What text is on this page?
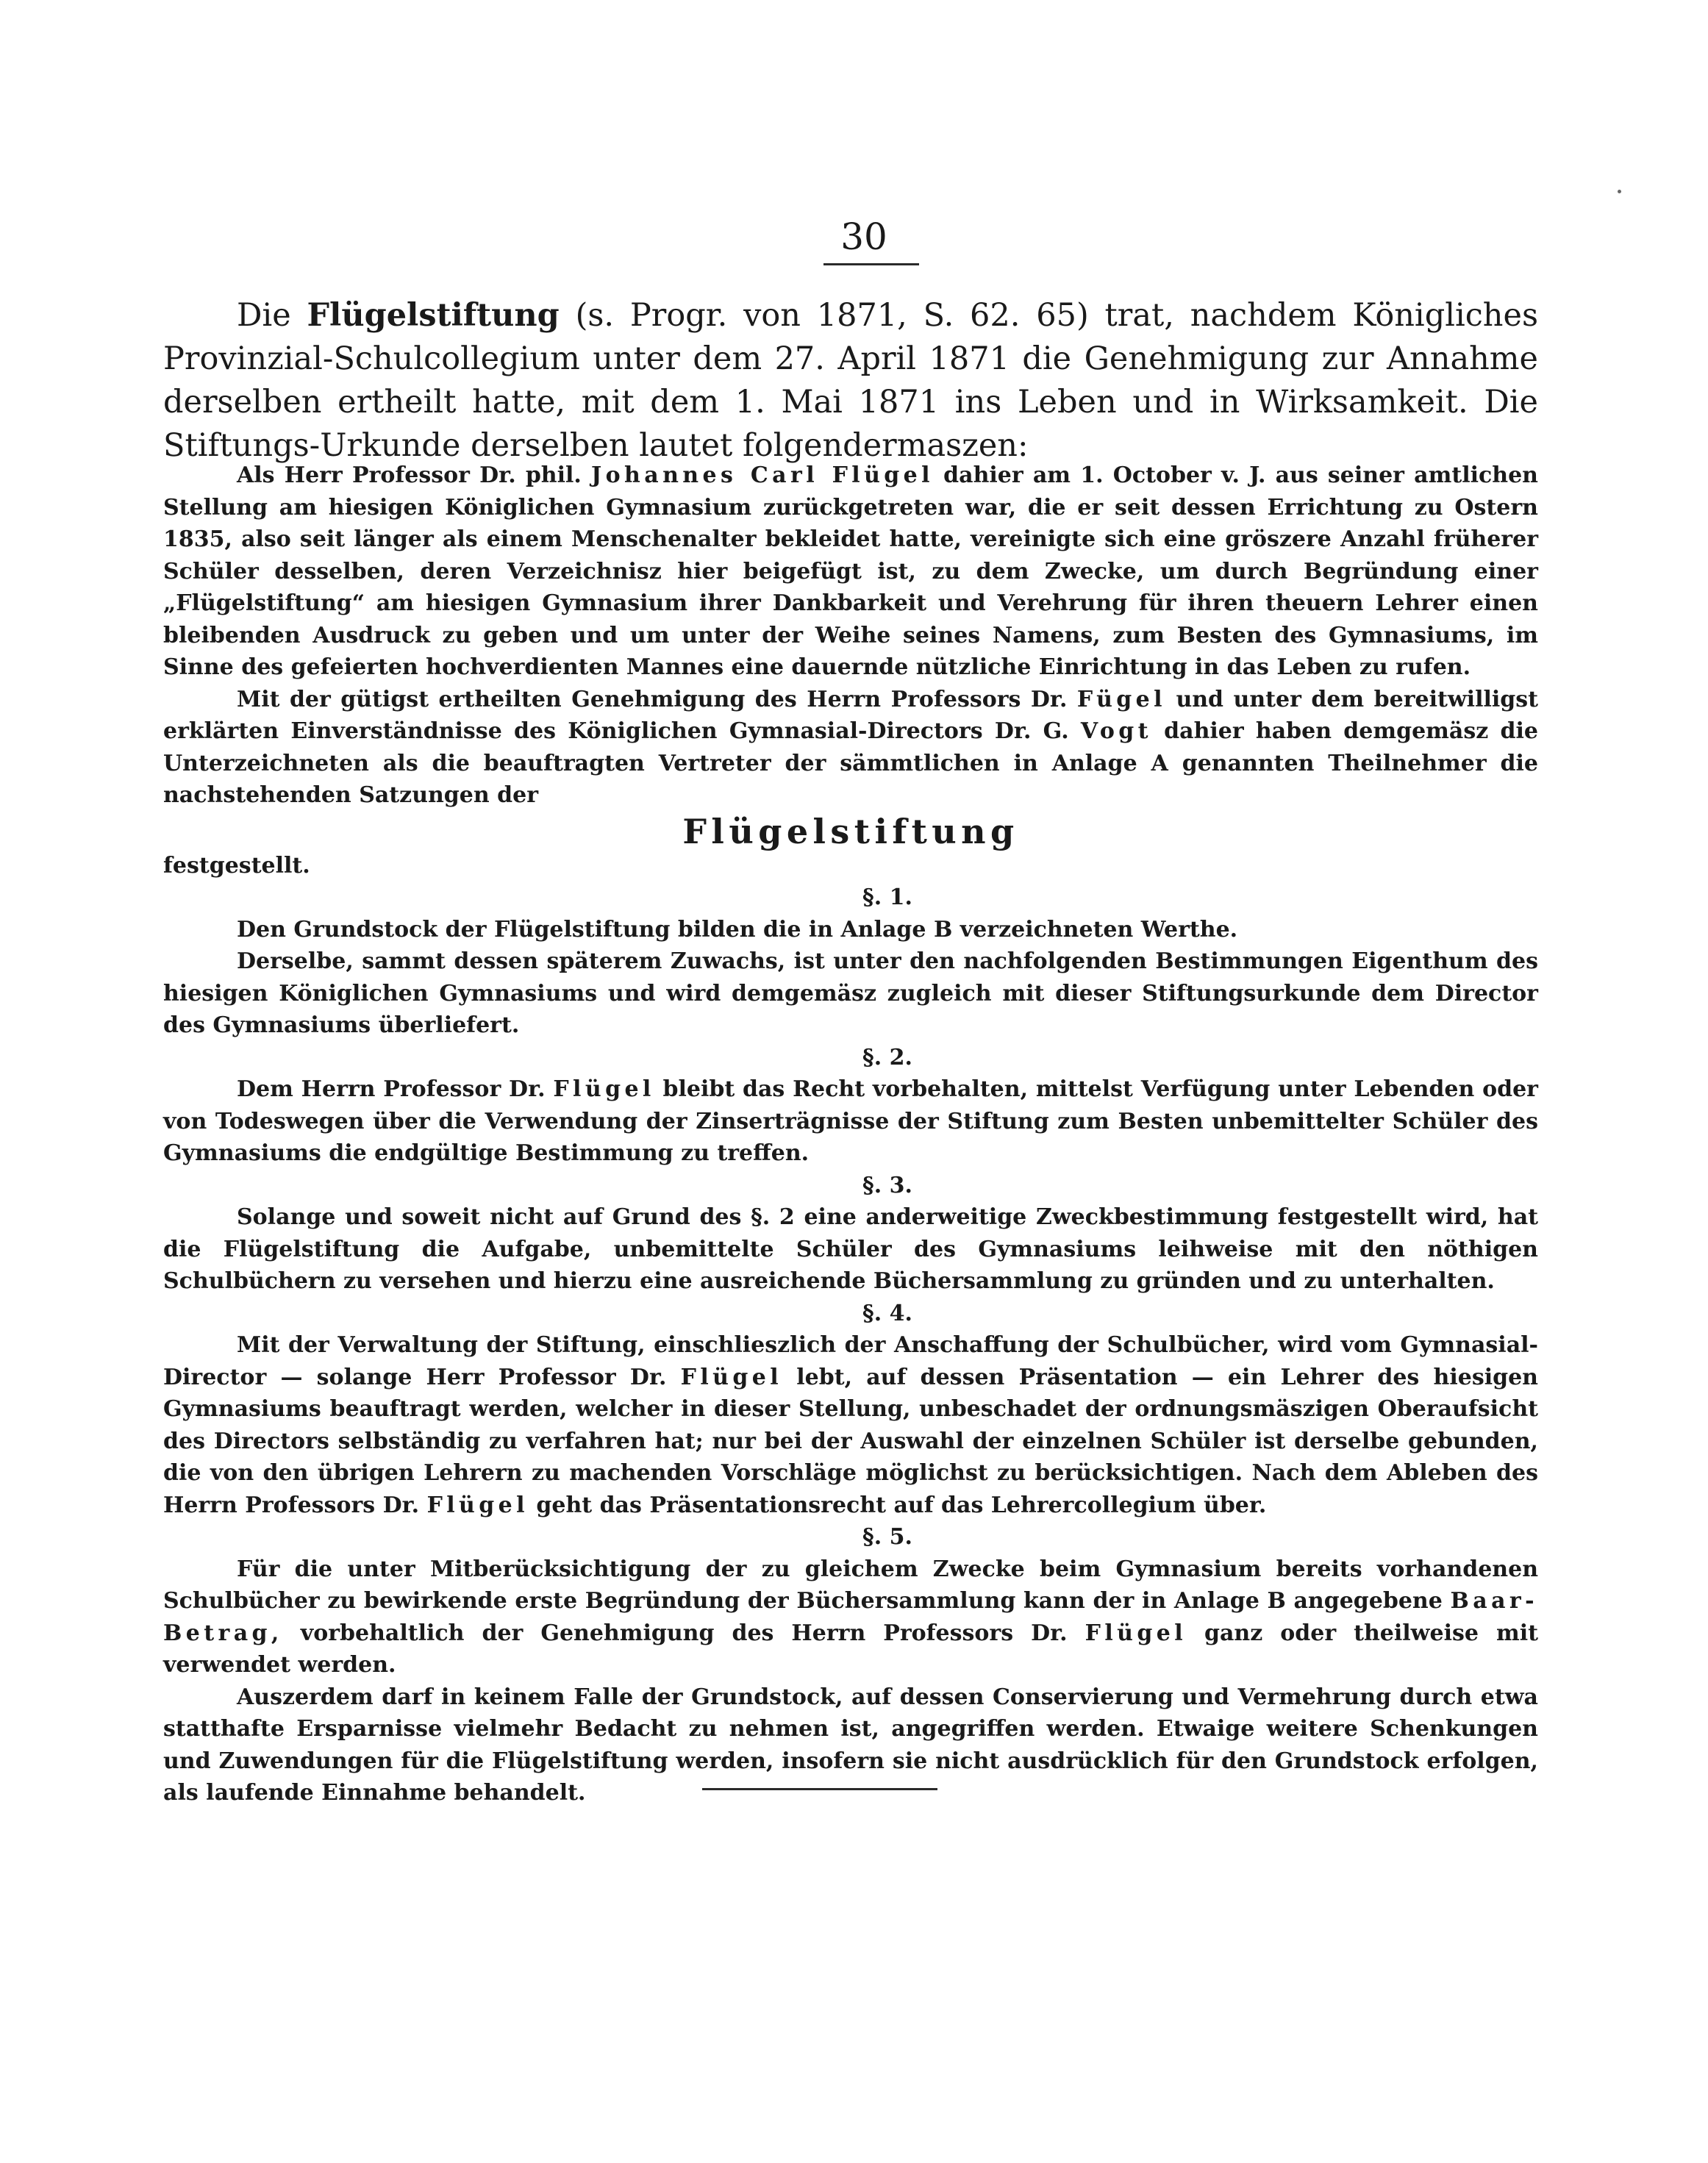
30

Die Flügelstiftung (s. Progr. von 1871, S. 62. 65) trat, nachdem Königliches Provinzial-Schulcollegium unter dem 27. April 1871 die Genehmigung zur Annahme derselben ertheilt hatte, mit dem 1. Mai 1871 ins Leben und in Wirksamkeit. Die Stiftungs-Urkunde derselben lautet folgendermaszen:

Als Herr Professor Dr. phil. Johannes Carl Flügel dahier am 1. October v. J. aus seiner amtlichen Stellung am hiesigen Königlichen Gymnasium zurückgetreten war, die er seit dessen Errichtung zu Ostern 1835, also seit länger als einem Menschenalter bekleidet hatte, vereinigte sich eine gröszere Anzahl früherer Schüler desselben, deren Verzeichnisz hier beigefügt ist, zu dem Zwecke, um durch Begründung einer „Flügelstiftung“ am hiesigen Gymnasium ihrer Dankbarkeit und Verehrung für ihren theuern Lehrer einen bleibenden Ausdruck zu geben und um unter der Weihe seines Namens, zum Besten des Gymnasiums, im Sinne des gefeierten hochverdienten Mannes eine dauernde nützliche Einrichtung in das Leben zu rufen.

Mit der gütigst ertheilten Genehmigung des Herrn Professors Dr. Fügel und unter dem bereitwilligst erklärten Einverständnisse des Königlichen Gymnasial-Directors Dr. G. Vogt dahier haben demgemäsz die Unterzeichneten als die beauftragten Vertreter der sämmtlichen in Anlage A genannten Theilnehmer die nachstehenden Satzungen der

Flügelstiftung

festgestellt.

§. 1.

Den Grundstock der Flügelstiftung bilden die in Anlage B verzeichneten Werthe.

Derselbe, sammt dessen späterem Zuwachs, ist unter den nachfolgenden Bestimmungen Eigenthum des hiesigen Königlichen Gymnasiums und wird demgemäsz zugleich mit dieser Stiftungsurkunde dem Director des Gymnasiums überliefert.

§. 2.

Dem Herrn Professor Dr. Flügel bleibt das Recht vorbehalten, mittelst Verfügung unter Lebenden oder von Todeswegen über die Verwendung der Zinserträgnisse der Stiftung zum Besten unbemittelter Schüler des Gymnasiums die endgültige Bestimmung zu treffen.

§. 3.

Solange und soweit nicht auf Grund des §. 2 eine anderweitige Zweckbestimmung festgestellt wird, hat die Flügelstiftung die Aufgabe, unbemittelte Schüler des Gymnasiums leihweise mit den nöthigen Schulbüchern zu versehen und hierzu eine ausreichende Büchersammlung zu gründen und zu unterhalten.

§. 4.

Mit der Verwaltung der Stiftung, einschlieszlich der Anschaffung der Schulbücher, wird vom Gymnasial-Director — solange Herr Professor Dr. Flügel lebt, auf dessen Präsentation — ein Lehrer des hiesigen Gymnasiums beauftragt werden, welcher in dieser Stellung, unbeschadet der ordnungsmäszigen Oberaufsicht des Directors selbständig zu verfahren hat; nur bei der Auswahl der einzelnen Schüler ist derselbe gebunden, die von den übrigen Lehrern zu machenden Vorschläge möglichst zu berücksichtigen. Nach dem Ableben des Herrn Professors Dr. Flügel geht das Präsentationsrecht auf das Lehrercollegium über.

§. 5.

Für die unter Mitberücksichtigung der zu gleichem Zwecke beim Gymnasium bereits vorhandenen Schulbücher zu bewirkende erste Begründung der Büchersammlung kann der in Anlage B angegebene Baar-Betrag, vorbehaltlich der Genehmigung des Herrn Professors Dr. Flügel ganz oder theilweise mit verwendet werden.

Auszerdem darf in keinem Falle der Grundstock, auf dessen Conservierung und Vermehrung durch etwa statthafte Ersparnisse vielmehr Bedacht zu nehmen ist, angegriffen werden. Etwaige weitere Schenkungen und Zuwendungen für die Flügelstiftung werden, insofern sie nicht ausdrücklich für den Grundstock erfolgen, als laufende Einnahme behandelt.
